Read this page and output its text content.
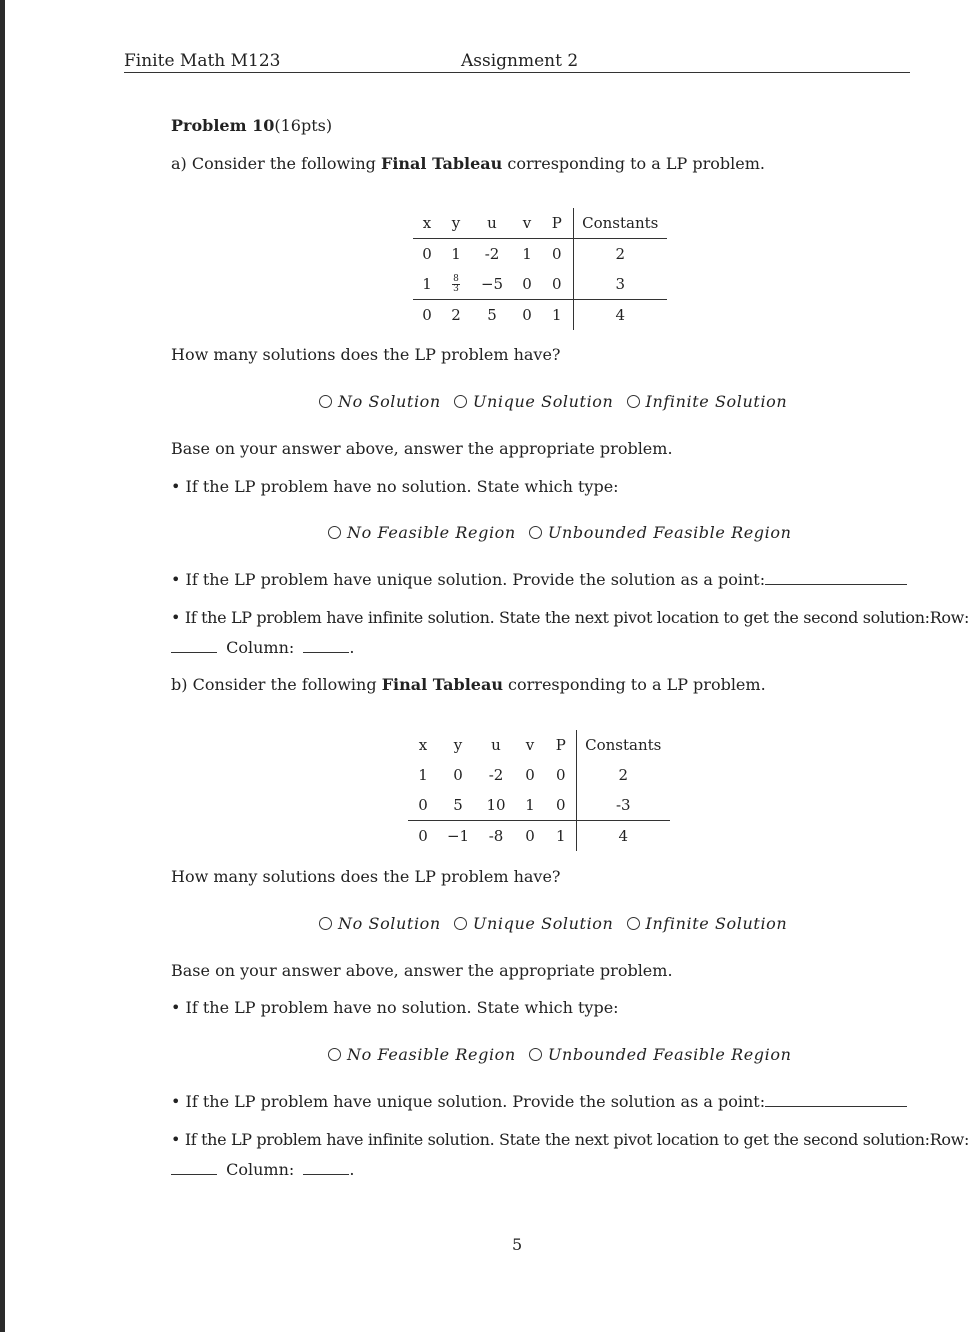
Finite Math M123	Assignment 2
Problem 10(16pts)
a) Consider the following Final Tableau corresponding to a LP problem.
x	y	u	v	P	Constants
0	1	-2	1	0	2
1	$\frac{8}{3}$	−5	0	0	3
0	2	5	0	1	4
How many solutions does the LP problem have?
No Solution Unique Solution Infinite Solution
Base on your answer above, answer the appropriate problem.
• If the LP problem have no solution. State which type:
No Feasible Region Unbounded Feasible Region
• If the LP problem have unique solution. Provide the solution as a point:
• If the LP problem have infinite solution. State the next pivot location to get the second solution:Row:
Column:	.
b) Consider the following Final Tableau corresponding to a LP problem.
x	y	u	v	P	Constants
1	0	-2	0	0	2
0	5	10	1	0	-3
0	−1	-8	0	1	4
How many solutions does the LP problem have?
No Solution Unique Solution Infinite Solution
Base on your answer above, answer the appropriate problem.
• If the LP problem have no solution. State which type:
No Feasible Region Unbounded Feasible Region
• If the LP problem have unique solution. Provide the solution as a point:
• If the LP problem have infinite solution. State the next pivot location to get the second solution:Row:
Column:	.
5
